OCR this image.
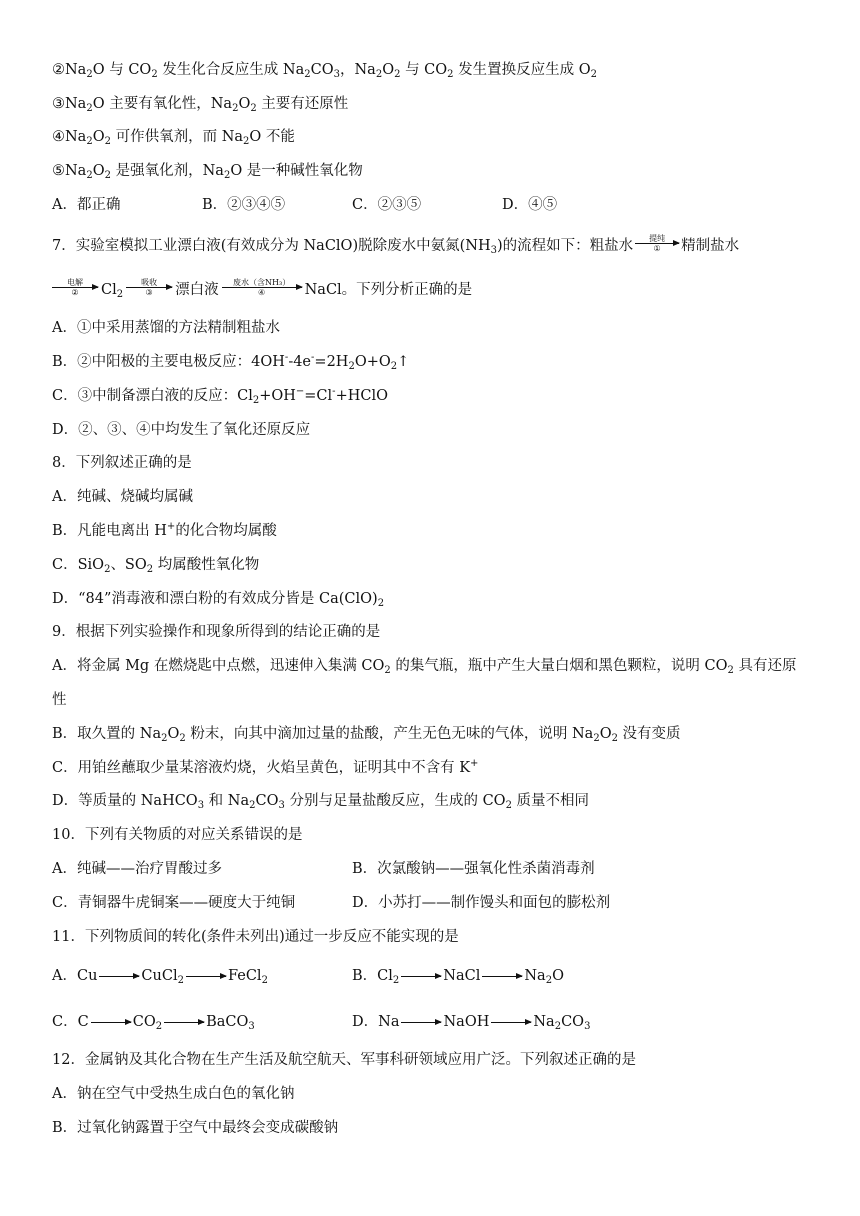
$②Na_2O$ 与 $CO_2$ 发生化合反应生成 $Na_2CO_3$，$Na_2O_2$ 与 $CO_2$ 发生置换反应生成 $O_2$
$③Na_2O$ 主要有氧化性，$Na_2O_2$ 主要有还原性
$④Na_2O_2$ 可作供氧剂，而 $Na_2O$ 不能
$⑤Na_2O_2$ 是强氧化剂，$Na_2O$ 是一种碱性氧化物
A．都正确	B．②③④⑤	C．②③⑤	D．④⑤
7．实验室模拟工业漂白液(有效成分为 NaClO)脱除废水中氨氮$(NH_3)$的流程如下：粗盐水	提纯
①	精制盐水
电解
②	$Cl_2$
吸收
③	漂白液	废水（含NH₃）
④	NaCl。下列分析正确的是
A．①中采用蒸馏的方法精制粗盐水
B．②中阳极的主要电极反应：$4OH^--4e^-=2H_2O+O_2↑$
C．③中制备漂白液的反应：$Cl_2+OH^-=Cl^-+HClO$
D．②、③、④中均发生了氧化还原反应
8．下列叙述正确的是
A．纯碱、烧碱均属碱
B．凡能电离出 H+的化合物均属酸
C．SiO$_2$、$SO_2$ 均属酸性氧化物
D．“84”消毒液和漂白粉的有效成分皆是 $Ca(ClO)_2$
9．根据下列实验操作和现象所得到的结论正确的是
A．将金属 Mg 在燃烧匙中点燃，迅速伸入集满 $CO_2$ 的集气瓶，瓶中产生大量白烟和黑色颗粒，说明 $CO_2$ 具有还原
性
B．取久置的 $Na_2O_2$ 粉末，向其中滴加过量的盐酸，产生无色无味的气体，说明 $Na_2O_2$ 没有变质
C．用铂丝蘸取少量某溶液灼烧，火焰呈黄色，证明其中不含有 K+
D．等质量的 NaHCO$_3$ 和 $Na_2CO_3$ 分别与足量盐酸反应，生成的 $CO_2$ 质量不相同
10．下列有关物质的对应关系错误的是
A．纯碱——治疗胃酸过多	B．次氯酸钠——强氧化性杀菌消毒剂
C．青铜器牛虎铜案——硬度大于纯铜	D．小苏打——制作馒头和面包的膨松剂
11．下列物质间的转化(条件未列出)通过一步反应不能实现的是
A．Cu → CuCl$_2$ → FeCl$_2$	B．$Cl_2$ → NaCl → $Na_2O$
C．$C \to CO_2$ → BaCO$_3$	D．Na → NaOH → $Na_2CO_3$
12．金属钠及其化合物在生产生活及航空航天、军事科研领域应用广泛。下列叙述正确的是
A．钠在空气中受热生成白色的氧化钠
B．过氧化钠露置于空气中最终会变成碳酸钠
